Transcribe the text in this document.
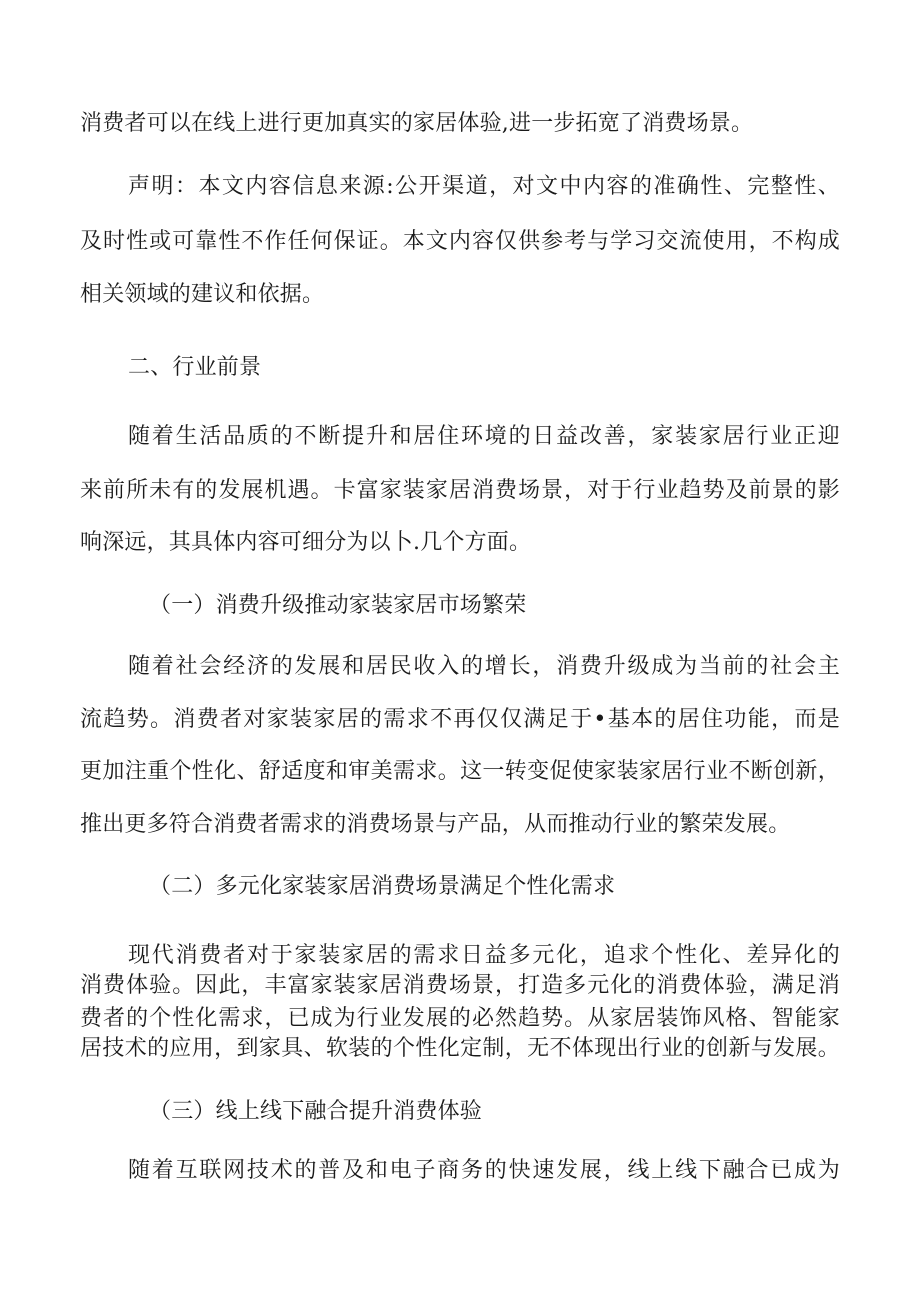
消费者可以在线上进行更加真实的家居体验,进一步拓宽了消费场景。
声明：本文内容信息来源:公开渠道，对文中内容的准确性、完整性、
及时性或可靠性不作任何保证。本文内容仅供参考与学习交流使用，不构成
相关领域的建议和依据。
二、行业前景
随着生活品质的不断提升和居住环境的日益改善，家装家居行业正迎
来前所未有的发展机遇。卡富家装家居消费场景，对于行业趋势及前景的影
响深远，其具体内容可细分为以卜.几个方面。
（一）消费升级推动家装家居市场繁荣
随着社会经济的发展和居民收入的增长，消费升级成为当前的社会主
流趋势。消费者对家装家居的需求不再仅仅满足于•基本的居住功能，而是
更加注重个性化、舒适度和审美需求。这一转变促使家装家居行业不断创新，
推出更多符合消费者需求的消费场景与产品，从而推动行业的繁荣发展。
（二）多元化家装家居消费场景满足个性化需求
现代消费者对于家装家居的需求日益多元化，追求个性化、差异化的
消费体验。因此，丰富家装家居消费场景，打造多元化的消费体验，满足消
费者的个性化需求，已成为行业发展的必然趋势。从家居装饰风格、智能家
居技术的应用，到家具、软装的个性化定制，无不体现出行业的创新与发展。
（三）线上线下融合提升消费体验
随着互联网技术的普及和电子商务的快速发展，线上线下融合已成为
